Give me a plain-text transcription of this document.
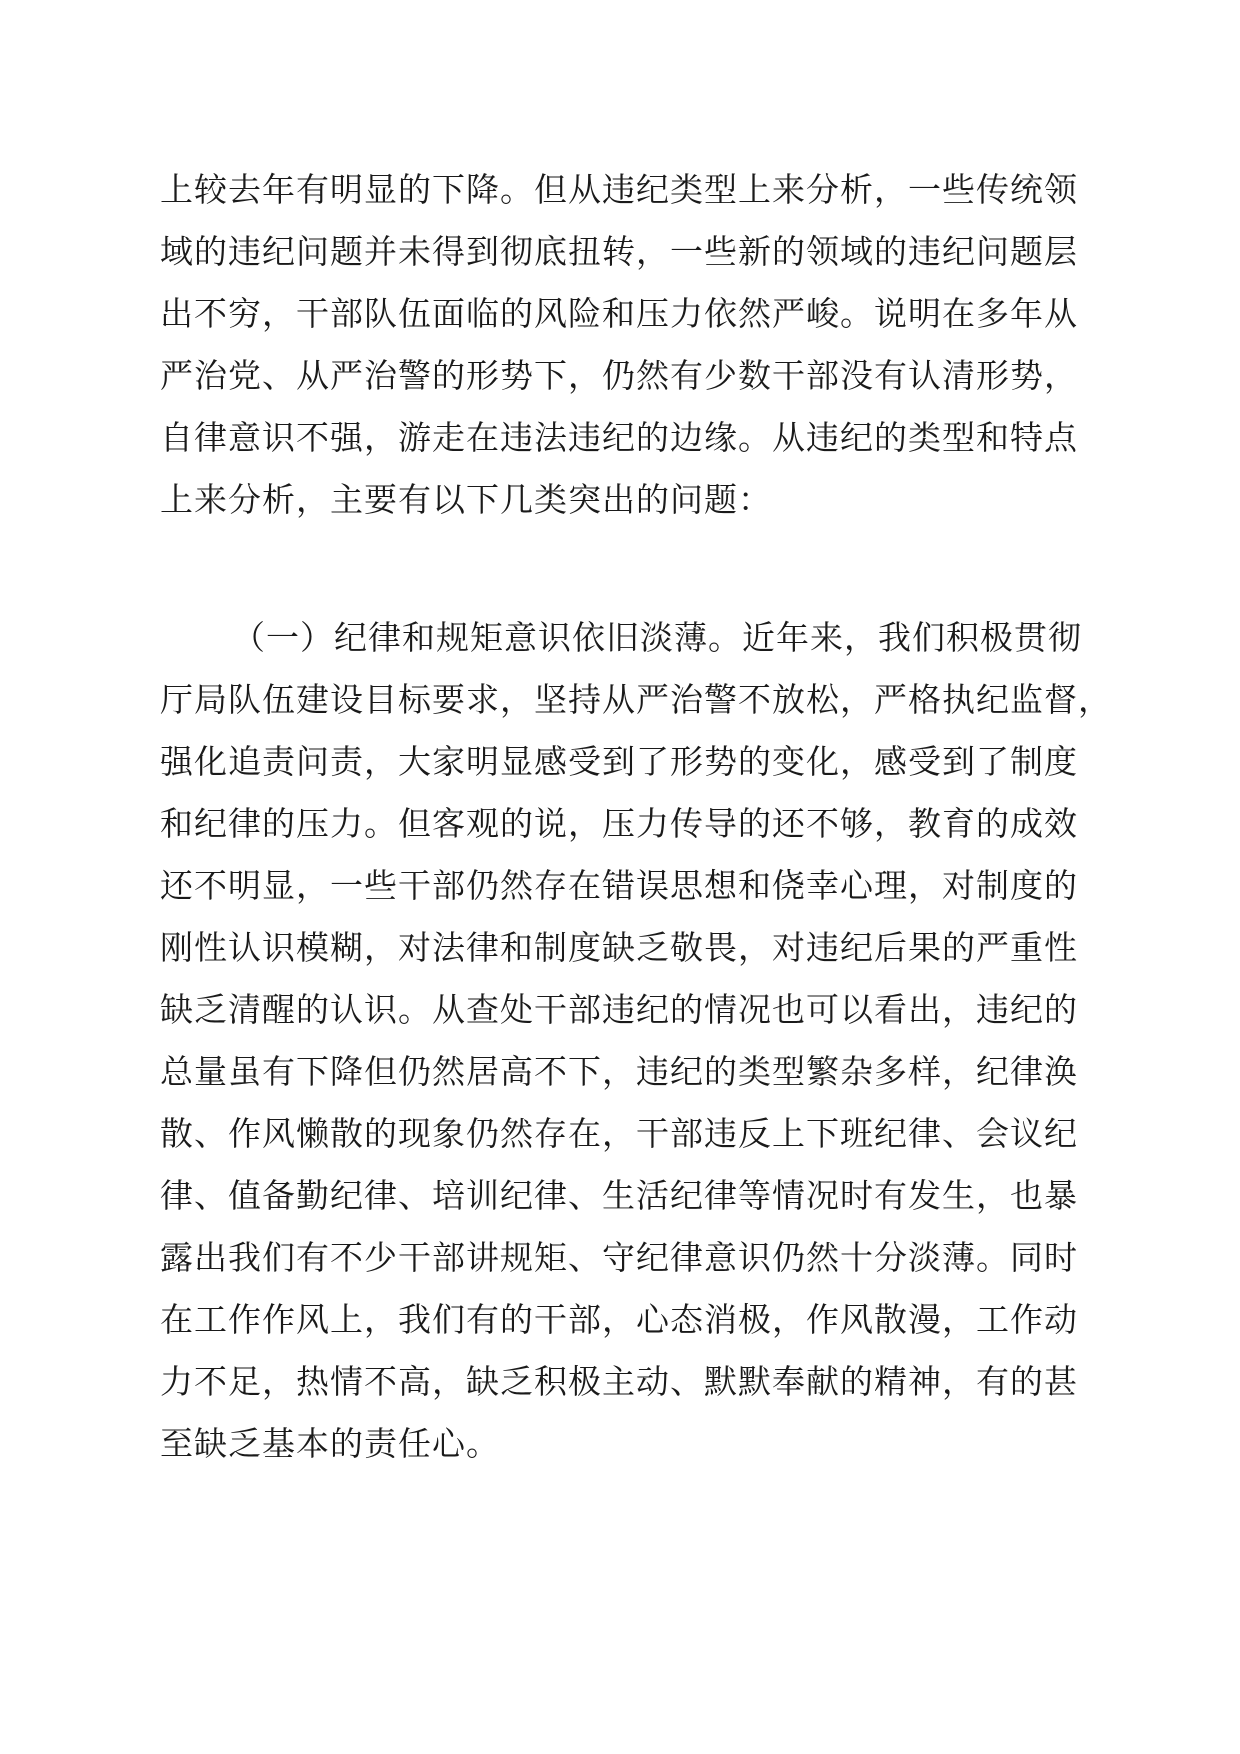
上较去年有明显的下降。但从违纪类型上来分析，一些传统领
域的违纪问题并未得到彻底扭转，一些新的领域的违纪问题层
出不穷，干部队伍面临的风险和压力依然严峻。说明在多年从
严治党、从严治警的形势下，仍然有少数干部没有认清形势，
自律意识不强，游走在违法违纪的边缘。从违纪的类型和特点
上来分析，主要有以下几类突出的问题：
（一）纪律和规矩意识依旧淡薄。近年来，我们积极贯彻
厅局队伍建设目标要求，坚持从严治警不放松，严格执纪监督，
强化追责问责，大家明显感受到了形势的变化，感受到了制度
和纪律的压力。但客观的说，压力传导的还不够，教育的成效
还不明显，一些干部仍然存在错误思想和侥幸心理，对制度的
刚性认识模糊，对法律和制度缺乏敬畏，对违纪后果的严重性
缺乏清醒的认识。从查处干部违纪的情况也可以看出，违纪的
总量虽有下降但仍然居高不下，违纪的类型繁杂多样，纪律涣
散、作风懒散的现象仍然存在，干部违反上下班纪律、会议纪
律、值备勤纪律、培训纪律、生活纪律等情况时有发生，也暴
露出我们有不少干部讲规矩、守纪律意识仍然十分淡薄。同时
在工作作风上，我们有的干部，心态消极，作风散漫，工作动
力不足，热情不高，缺乏积极主动、默默奉献的精神，有的甚
至缺乏基本的责任心。
